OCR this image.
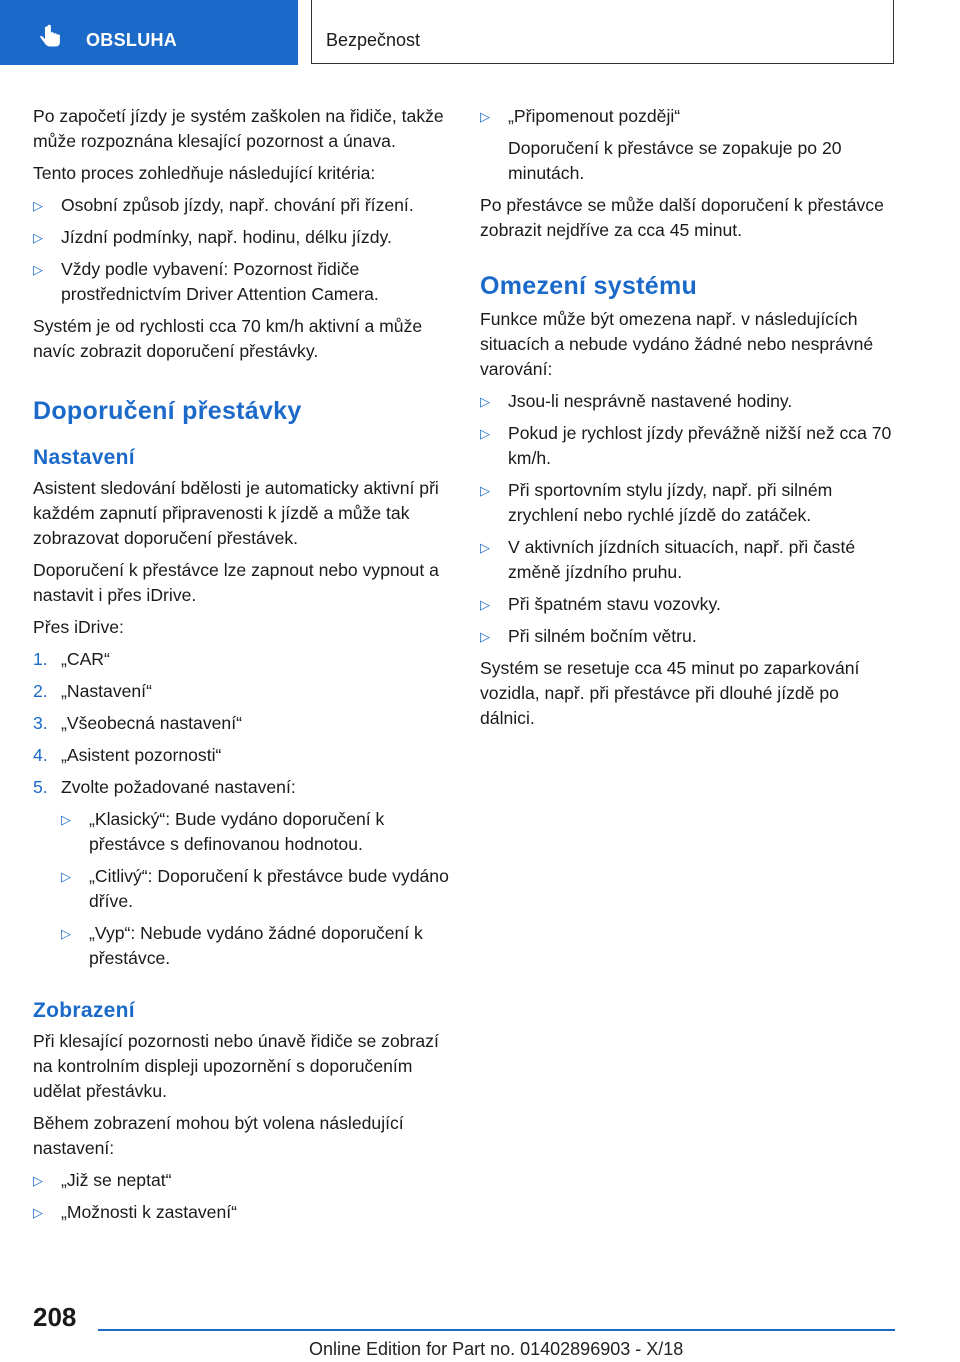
OBSLUHA	Bezpečnost

Po započetí jízdy je systém zaškolen na řidiče, takže může rozpoznána klesající pozornost a únava.

Tento proces zohledňuje následující kritéria:

▷ Osobní způsob jízdy, např. chování při řízení.
▷ Jízdní podmínky, např. hodinu, délku jízdy.
▷ Vždy podle vybavení: Pozornost řidiče prostřednictvím Driver Attention Camera.

Systém je od rychlosti cca 70 km/h aktivní a může navíc zobrazit doporučení přestávky.

Doporučení přestávky
Nastavení

Asistent sledování bdělosti je automaticky aktivní při každém zapnutí připravenosti k jízdě a může tak zobrazovat doporučení přestávek.

Doporučení k přestávce lze zapnout nebo vypnout a nastavit i přes iDrive.

Přes iDrive:

1. „CAR“
2. „Nastavení“
3. „Všeobecná nastavení“
4. „Asistent pozornosti“
5. Zvolte požadované nastavení:
▷ „Klasický“: Bude vydáno doporučení k přestávce s definovanou hodnotou.
▷ „Citlivý“: Doporučení k přestávce bude vydáno dříve.
▷ „Vyp“: Nebude vydáno žádné doporučení k přestávce.
Zobrazení

Při klesající pozornosti nebo únavě řidiče se zobrazí na kontrolním displeji upozornění s doporučením udělat přestávku.

Během zobrazení mohou být volena následující nastavení:

▷ „Již se neptat“
▷ „Možnosti k zastavení“
▷ „Připomenout později“

Doporučení k přestávce se zopakuje po 20 minutách.

Po přestávce se může další doporučení k přestávce zobrazit nejdříve za cca 45 minut.

Omezení systému

Funkce může být omezena např. v následujících situacích a nebude vydáno žádné nebo nesprávné varování:

▷ Jsou-li nesprávně nastavené hodiny.
▷ Pokud je rychlost jízdy převážně nižší než cca 70 km/h.
▷ Při sportovním stylu jízdy, např. při silném zrychlení nebo rychlé jízdě do zatáček.
▷ V aktivních jízdních situacích, např. při časté změně jízdního pruhu.
▷ Při špatném stavu vozovky.
▷ Při silném bočním větru.

Systém se resetuje cca 45 minut po zaparkování vozidla, např. při přestávce při dlouhé jízdě po dálnici.

208
Online Edition for Part no. 01402896903 - X/18
